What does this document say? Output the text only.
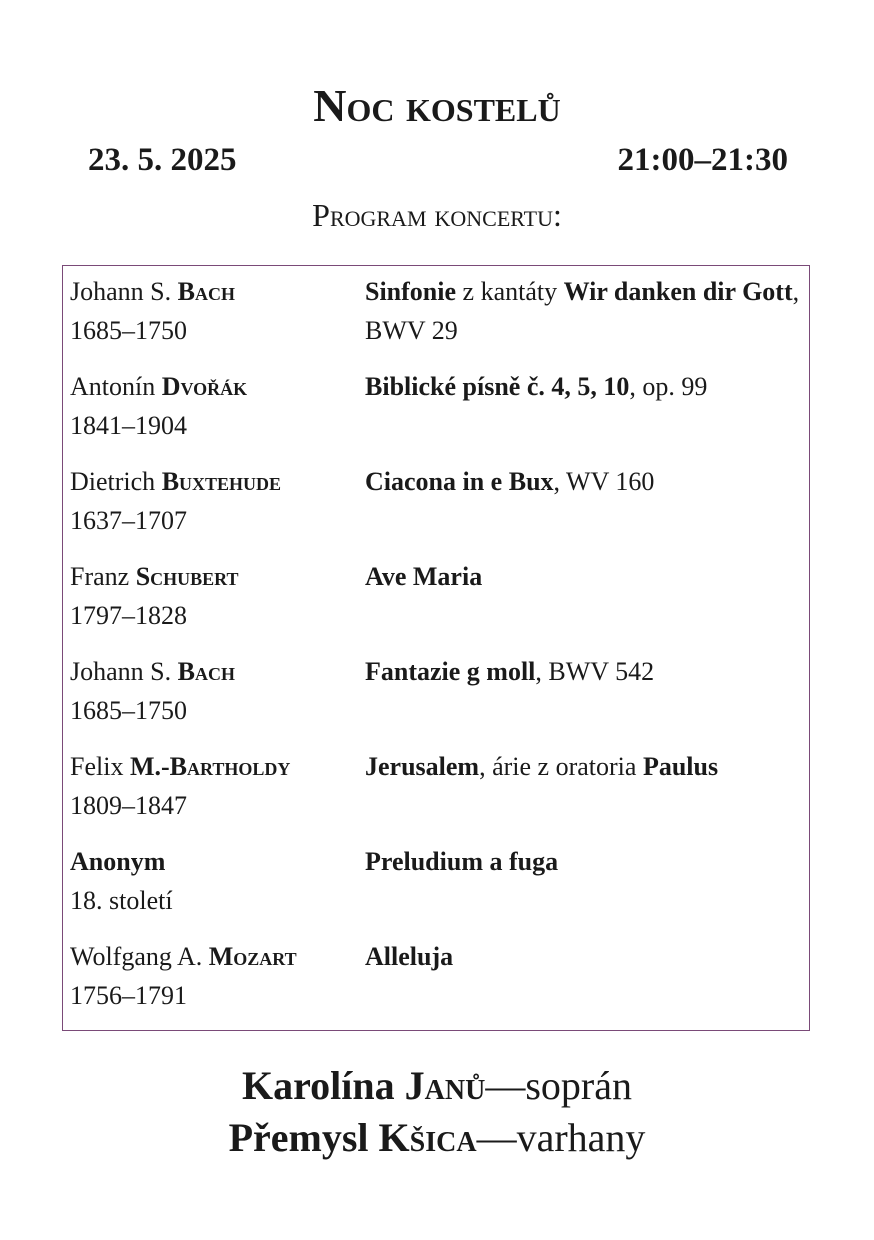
Noc kostelů
23. 5. 2025	21:00–21:30
Program koncertu:
Johann S. Bach
1685–1750
Sinfonie z kantáty Wir danken dir Gott, BWV 29
Antonín Dvořák
1841–1904
Biblické písně č. 4, 5, 10, op. 99
Dietrich Buxtehude
1637–1707
Ciacona in e Bux, WV 160
Franz Schubert
1797–1828
Ave Maria
Johann S. Bach
1685–1750
Fantazie g moll, BWV 542
Felix M.-Bartholdy
1809–1847
Jerusalem, árie z oratoria Paulus
Anonym
18. století
Preludium a fuga
Wolfgang A. Mozart
1756–1791
Alleluja
Karolína Janů—soprán
Přemysl Kšica—varhany
